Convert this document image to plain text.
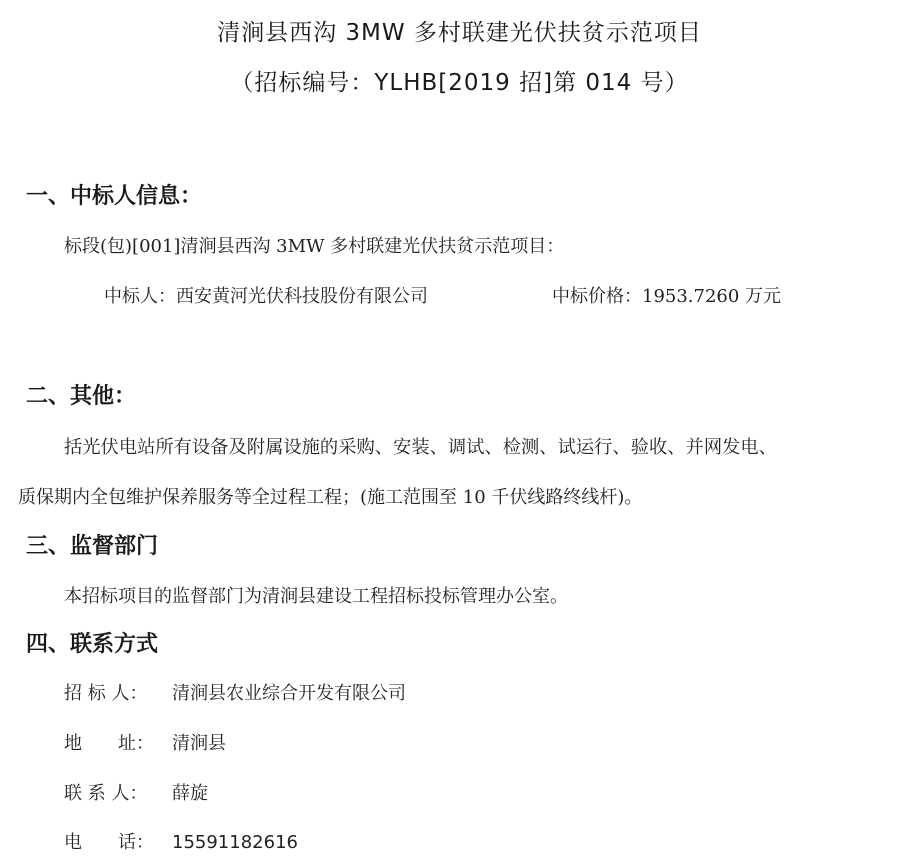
清涧县西沟 3MW 多村联建光伏扶贫示范项目
（招标编号：YLHB[2019 招]第 014 号）
一、中标人信息：
标段(包)[001]清涧县西沟 3MW 多村联建光伏扶贫示范项目：
中标人：西安黄河光伏科技股份有限公司	中标价格：1953.7260 万元
二、其他：
括光伏电站所有设备及附属设施的采购、安装、调试、检测、试运行、验收、并网发电、
质保期内全包维护保养服务等全过程工程；(施工范围至 10 千伏线路终线杆)。
三、监督部门
本招标项目的监督部门为清涧县建设工程招标投标管理办公室。
四、联系方式
招 标 人： 清涧县农业综合开发有限公司
地　　址： 清涧县
联 系 人： 薛旋
电　　话： 15591182616
